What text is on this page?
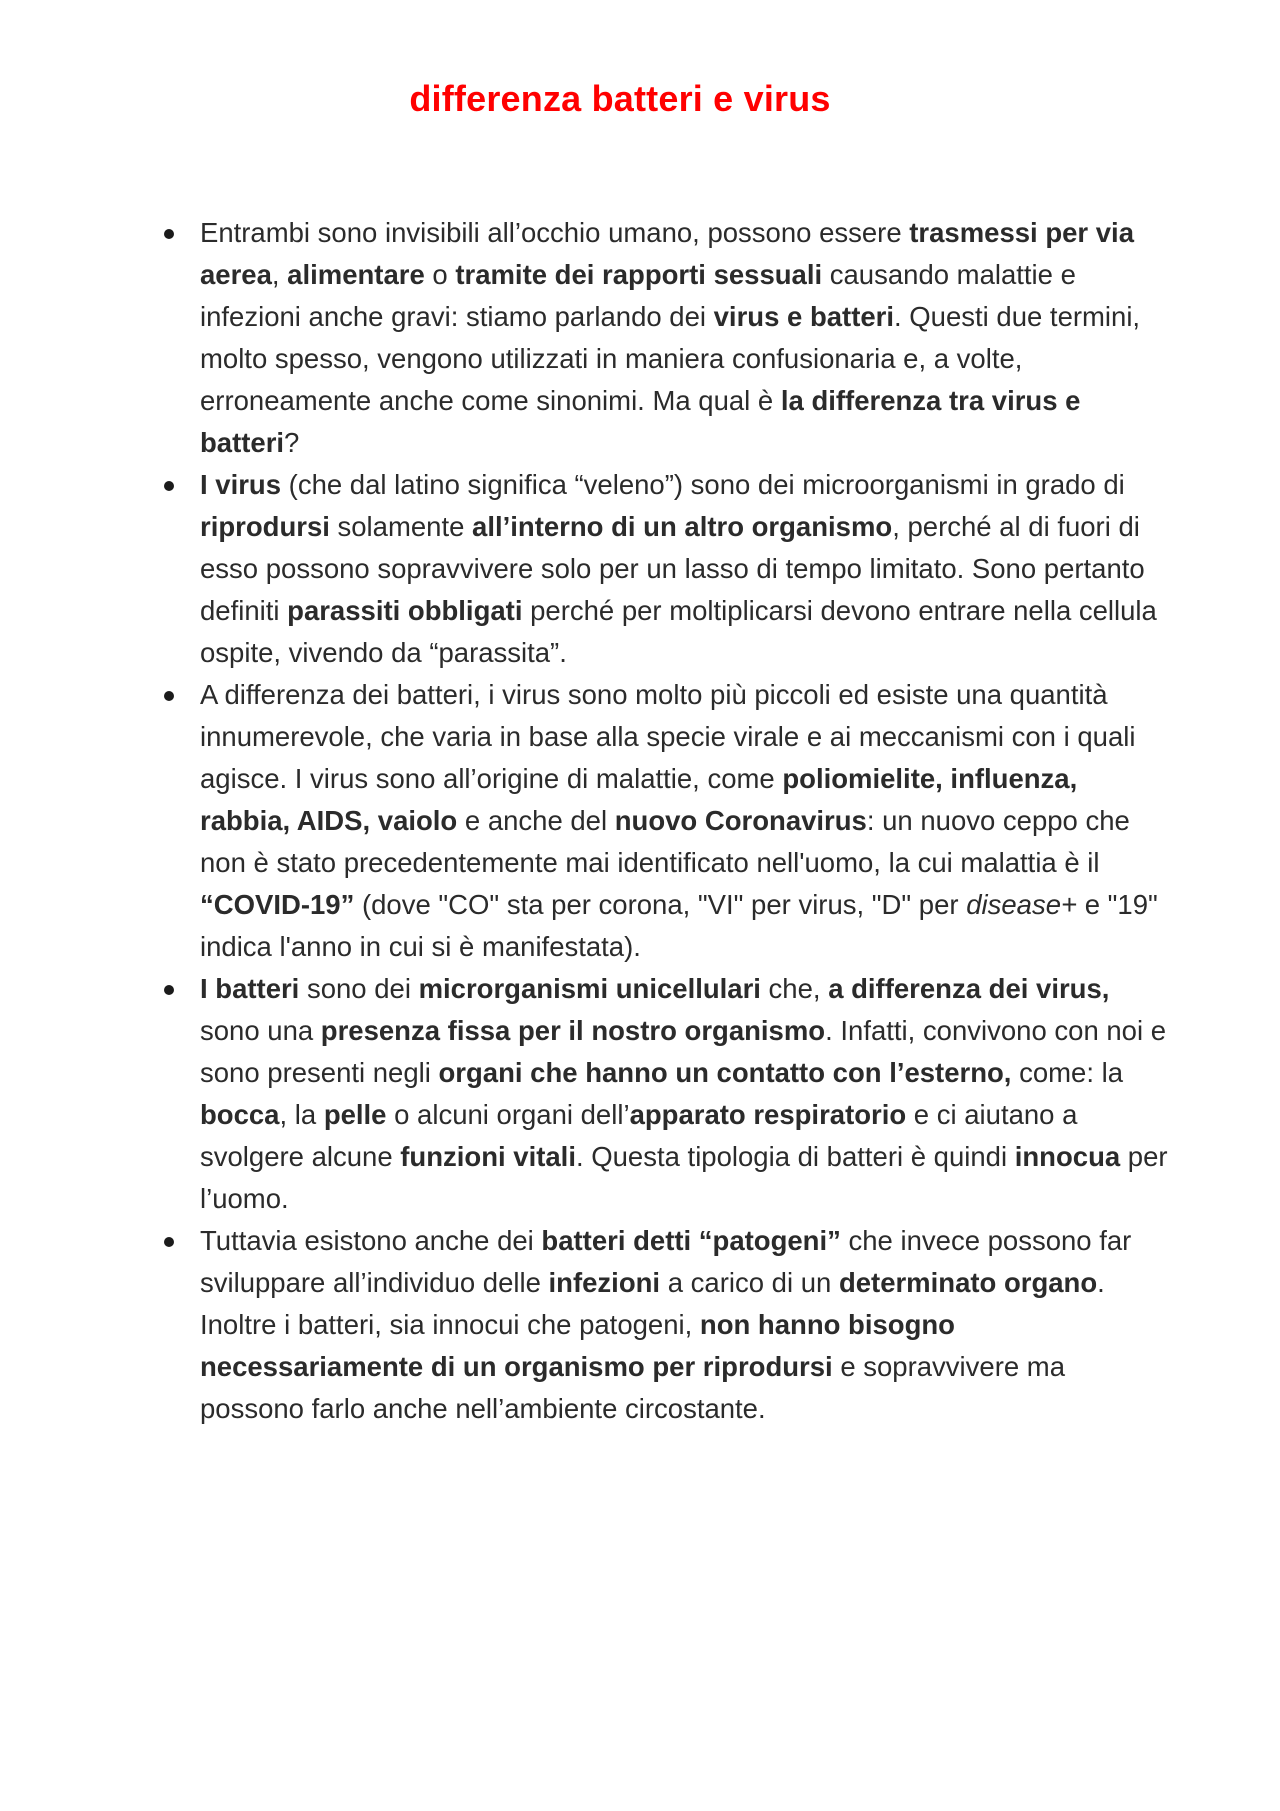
differenza batteri e virus
Entrambi sono invisibili all’occhio umano, possono essere trasmessi per via aerea, alimentare o tramite dei rapporti sessuali causando malattie e infezioni anche gravi: stiamo parlando dei virus e batteri. Questi due termini, molto spesso, vengono utilizzati in maniera confusionaria e, a volte, erroneamente anche come sinonimi. Ma qual è la differenza tra virus e batteri?
I virus (che dal latino significa “veleno”) sono dei microorganismi in grado di riprodursi solamente all’interno di un altro organismo, perché al di fuori di esso possono sopravvivere solo per un lasso di tempo limitato. Sono pertanto definiti parassiti obbligati perché per moltiplicarsi devono entrare nella cellula ospite, vivendo da “parassita”.
A differenza dei batteri, i virus sono molto più piccoli ed esiste una quantità innumerevole, che varia in base alla specie virale e ai meccanismi con i quali agisce. I virus sono all’origine di malattie, come poliomielite, influenza, rabbia, AIDS, vaiolo e anche del nuovo Coronavirus: un nuovo ceppo che non è stato precedentemente mai identificato nell'uomo, la cui malattia è il “COVID-19” (dove "CO" sta per corona, "VI" per virus, "D" per disease+ e "19" indica l'anno in cui si è manifestata).
I batteri sono dei microrganismi unicellulari che, a differenza dei virus, sono una presenza fissa per il nostro organismo. Infatti, convivono con noi e sono presenti negli organi che hanno un contatto con l’esterno, come: la bocca, la pelle o alcuni organi dell’apparato respiratorio e ci aiutano a svolgere alcune funzioni vitali. Questa tipologia di batteri è quindi innocua per l’uomo.
Tuttavia esistono anche dei batteri detti “patogeni” che invece possono far sviluppare all’individuo delle infezioni a carico di un determinato organo. Inoltre i batteri, sia innocui che patogeni, non hanno bisogno necessariamente di un organismo per riprodursi e sopravvivere ma possono farlo anche nell’ambiente circostante.
